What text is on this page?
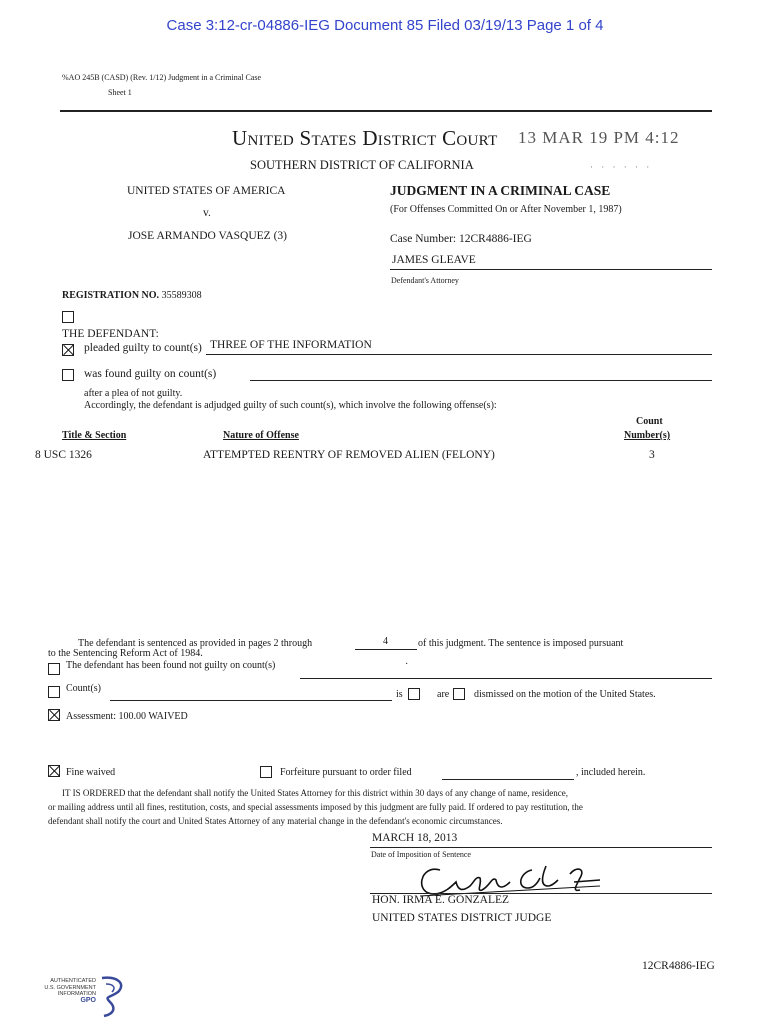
Case 3:12-cr-04886-IEG Document 85 Filed 03/19/13 Page 1 of 4
%AO 245B (CASD) (Rev. 1/12) Judgment in a Criminal Case
Sheet 1
United States District Court 13 MAR 19 PM 4:12
SOUTHERN DISTRICT OF CALIFORNIA	· · · · · ·
UNITED STATES OF AMERICA
v.
JOSE ARMANDO VASQUEZ (3)
JUDGMENT IN A CRIMINAL CASE
(For Offenses Committed On or After November 1, 1987)
Case Number: 12CR4886-IEG
JAMES GLEAVE
Defendant's Attorney
REGISTRATION NO. 35589308
THE DEFENDANT:
pleaded guilty to count(s) THREE OF THE INFORMATION
was found guilty on count(s)
after a plea of not guilty.
Accordingly, the defendant is adjudged guilty of such count(s), which involve the following offense(s):
Title & Section	Nature of Offense
Count
Number(s)
8 USC 1326	ATTEMPTED REENTRY OF REMOVED ALIEN (FELONY)	3
The defendant is sentenced as provided in pages 2 through	4	of this judgment. The sentence is imposed pursuant
to the Sentencing Reform Act of 1984.
The defendant has been found not guilty on count(s)	·
Count(s)
is	are dismissed on the motion of the United States.
Assessment: 100.00 WAIVED
Fine waived	Forfeiture pursuant to order filed	, included herein.
IT IS ORDERED that the defendant shall notify the United States Attorney for this district within 30 days of any change of name, residence,
or mailing address until all fines, restitution, costs, and special assessments imposed by this judgment are fully paid. If ordered to pay restitution, the
defendant shall notify the court and United States Attorney of any material change in the defendant's economic circumstances.
MARCH 18, 2013
Date of Imposition of Sentence
HON. IRMA E. GONZALEZ
UNITED STATES DISTRICT JUDGE
12CR4886-IEG
AUTHENTICATED
U.S. GOVERNMENT
INFORMATION
GPO
